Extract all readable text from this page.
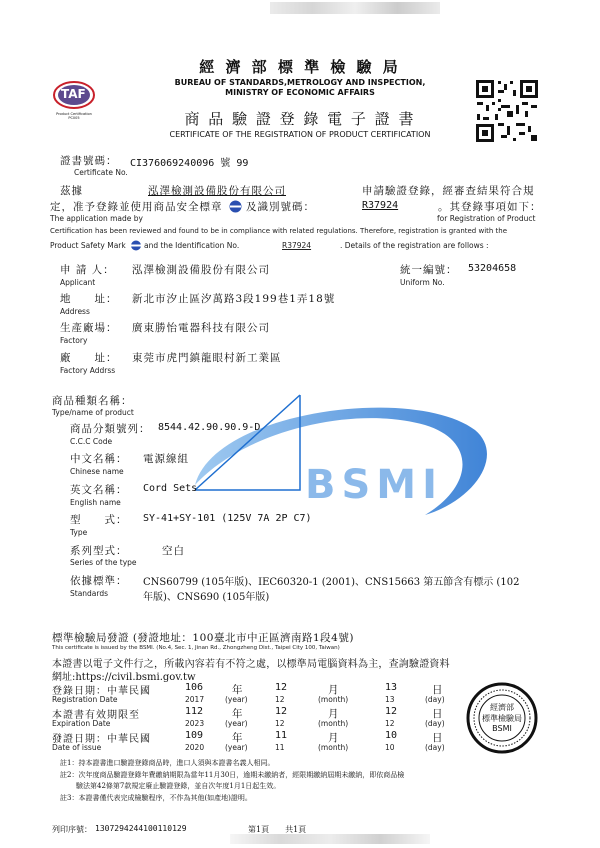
BSMI
TAF
Product Certification PC005
經 濟 部 標 準 檢 驗 局
BUREAU OF STANDARDS,METROLOGY AND INSPECTION,
MINISTRY OF ECONOMIC AFFAIRS
商 品 驗 證 登 錄 電 子 證 書
CERTIFICATE OF THE REGISTRATION OF PRODUCT CERTIFICATION
證書號碼： CI376069240096 號 99
Certificate No.
茲據	泓澤檢測設備股份有限公司	申請驗證登錄，經審查結果符合規
定，准予登錄並使用商品安全標章 及識別號碼：	R37924	。其登錄事項如下：
The application made by	for Registration of Product
Certification has been reviewed and found to be in compliance with related regulations. Therefore, registration is granted with the
Product Safety Mark and the Identification No.	R37924	. Details of the registration are follows :
申 請 人： 泓澤檢測設備股份有限公司
Applicant
統一編號： 53204658
Uniform No.
地　　址： 新北市汐止區汐萬路3段199巷1弄18號
Address
生產廠場： 廣東勝怡電器科技有限公司
Factory
廠　　址： 東莞市虎門鎮龍眼村新工業區
Factory Addrss
商品種類名稱：
Type/name of product
商品分類號列： 8544.42.90.90.9-D
C.C.C Code
中文名稱： 電源線組
Chinese name
英文名稱： Cord Sets
English name
型　　式： SY-41+SY-101 (125V 7A 2P C7)
Type
系列型式：	空白
Series of the type
依據標準： CNS60799 (105年版)、IEC60320-1 (2001)、CNS15663 第五節含有標示 (102
年版)、CNS690 (105年版)
Standards
標準檢驗局發證 (發證地址：100臺北市中正區濟南路1段4號)
This certificate is issued by the BSMI. (No.4, Sec. 1, Jinan Rd., Zhongzheng Dist., Taipei City 100, Taiwan)
本證書以電子文件行之，所載內容若有不符之處，以標準局電腦資料為主，查詢驗證資料
網址:https://civil.bsmi.gov.tw
登錄日期：中華民國	106	年	12	月	13	日
Registration Date	2017	(year)	12	(month)	13	(day)
本證書有效期限至	112	年	12	月	12	日
Expiration Date	2023	(year)	12	(month)	12	(day)
發證日期：中華民國	109	年	11	月	10	日
Date of issue	2020	(year)	11	(month)	10	(day)
經濟部
標準檢驗局
BSMI
註1：持本證書進口驗證登錄商品時，進口人須與本證書名義人相同。
註2：次年度商品驗證登錄年費繳納期限為當年11月30日，逾期未繳納者，經限期繳納屆期未繳納，即依商品檢
驗法第42條第7款規定廢止驗證登錄，並自次年度1月1日起生效。
註3：本證書僅代表完成檢驗程序，不作為其他(如產地)證明。
列印序號： 1307294244100110129	第1頁　　共1頁
